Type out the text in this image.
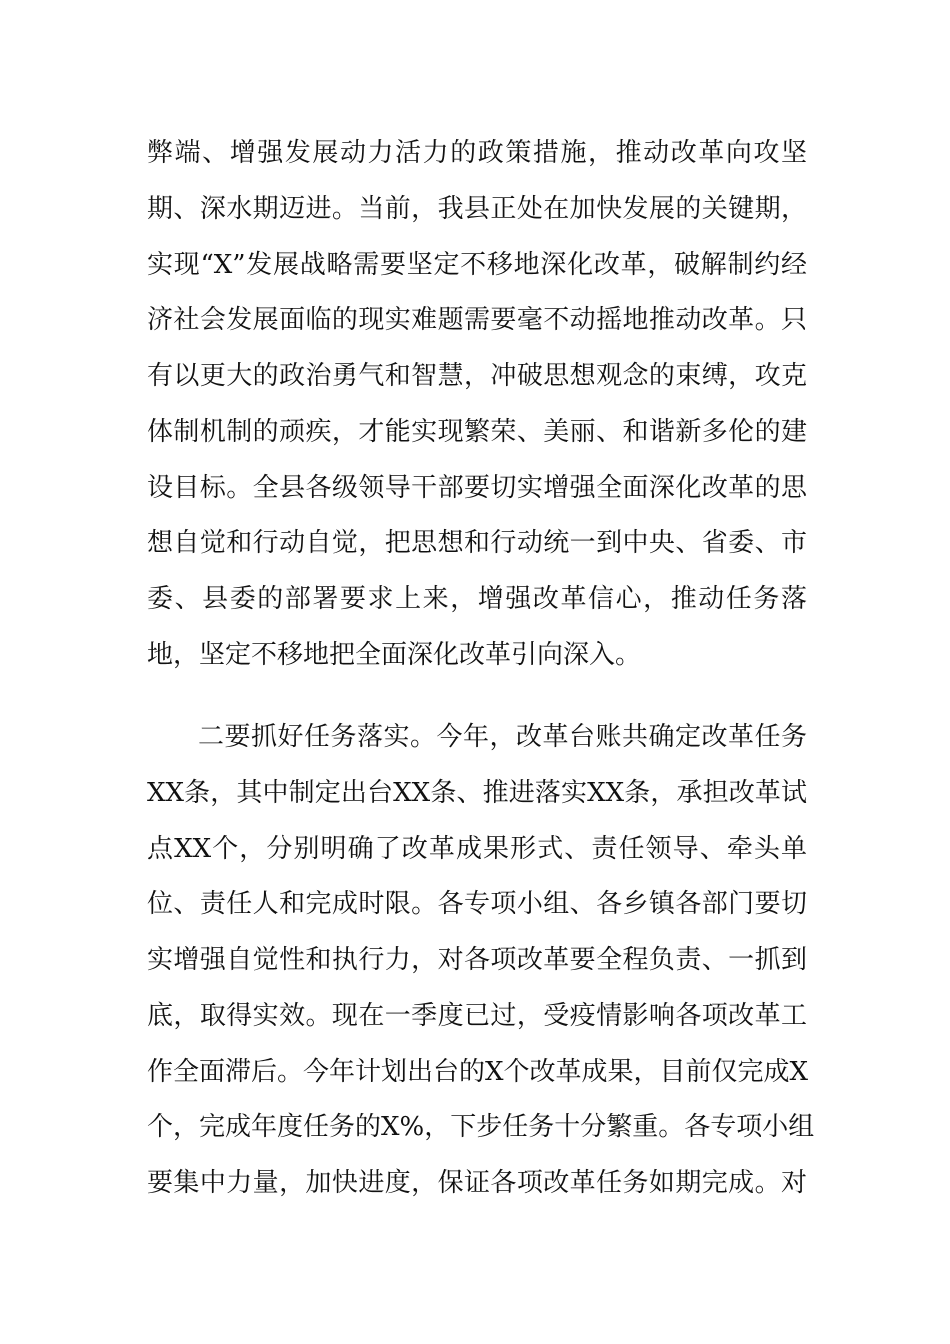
弊端、增强发展动力活力的政策措施，推动改革向攻坚
期、深水期迈进。当前，我县正处在加快发展的关键期，
实现“X”发展战略需要坚定不移地深化改革，破解制约经
济社会发展面临的现实难题需要毫不动摇地推动改革。只
有以更大的政治勇气和智慧，冲破思想观念的束缚，攻克
体制机制的顽疾，才能实现繁荣、美丽、和谐新多伦的建
设目标。全县各级领导干部要切实增强全面深化改革的思
想自觉和行动自觉，把思想和行动统一到中央、省委、市
委、县委的部署要求上来，增强改革信心，推动任务落
地，坚定不移地把全面深化改革引向深入。
二要抓好任务落实。今年，改革台账共确定改革任务
XX条，其中制定出台XX条、推进落实XX条，承担改革试
点XX个，分别明确了改革成果形式、责任领导、牵头单
位、责任人和完成时限。各专项小组、各乡镇各部门要切
实增强自觉性和执行力，对各项改革要全程负责、一抓到
底，取得实效。现在一季度已过，受疫情影响各项改革工
作全面滞后。今年计划出台的X个改革成果，目前仅完成X
个，完成年度任务的X%，下步任务十分繁重。各专项小组
要集中力量，加快进度，保证各项改革任务如期完成。对
